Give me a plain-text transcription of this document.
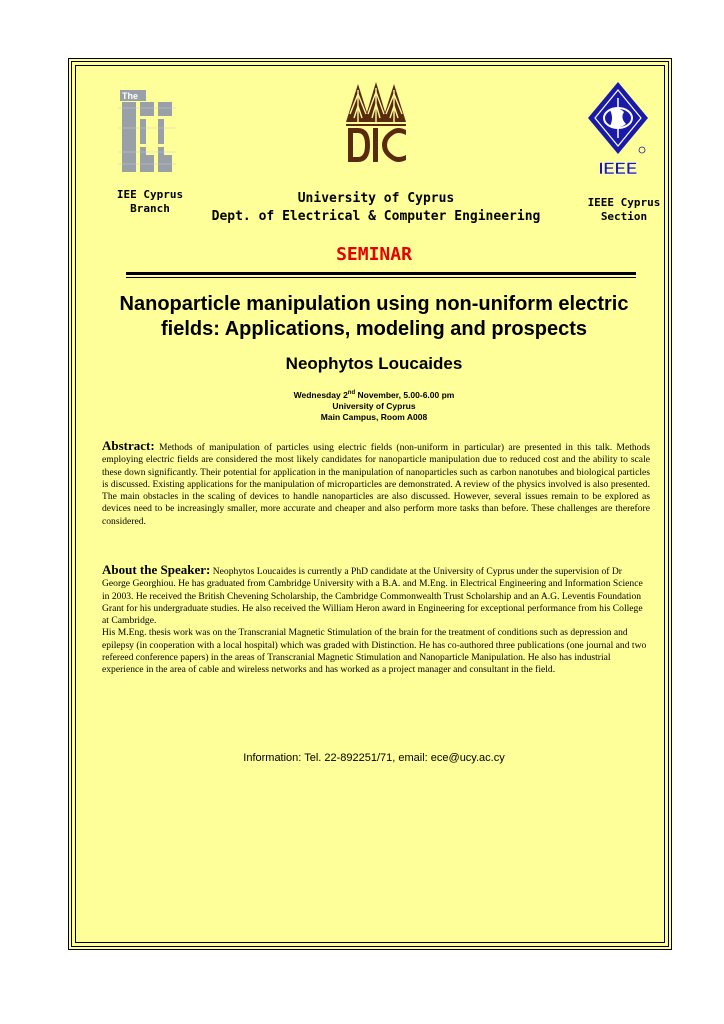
The
IEEE
IEE Cyprus
Branch
University of Cyprus
Dept. of Electrical & Computer Engineering
IEEE Cyprus
Section
SEMINAR
Nanoparticle manipulation using non-uniform electric
fields: Applications, modeling and prospects
Neophytos Loucaides
Wednesday 2nd November, 5.00-6.00 pm
University of Cyprus
Main Campus, Room A008
Abstract: Methods of manipulation of particles using electric fields (non-uniform in particular) are presented in this talk. Methods employing electric fields are considered the most likely candidates for nanoparticle manipulation due to reduced cost and the ability to scale these down significantly. Their potential for application in the manipulation of nanoparticles such as carbon nanotubes and biological particles is discussed. Existing applications for the manipulation of microparticles are demonstrated. A review of the physics involved is also presented. The main obstacles in the scaling of devices to handle nanoparticles are also discussed. However, several issues remain to be explored as devices need to be increasingly smaller, more accurate and cheaper and also perform more tasks than before. These challenges are therefore considered.

About the Speaker: Neophytos Loucaides is currently a PhD candidate at the University of Cyprus under the supervision of Dr George Georghiou. He has graduated from Cambridge University with a B.A. and M.Eng. in Electrical Engineering and Information Science in 2003. He received the British Chevening Scholarship, the Cambridge Commonwealth Trust Scholarship and an A.G. Leventis Foundation Grant for his undergraduate studies. He also received the William Heron award in Engineering for exceptional performance from his College at Cambridge.

His M.Eng. thesis work was on the Transcranial Magnetic Stimulation of the brain for the treatment of conditions such as depression and epilepsy (in cooperation with a local hospital) which was graded with Distinction. He has co-authored three publications (one journal and two refereed conference papers) in the areas of Transcranial Magnetic Stimulation and Nanoparticle Manipulation. He also has industrial experience in the area of cable and wireless networks and has worked as a project manager and consultant in the field.

Information: Tel. 22-892251/71, email: ece@ucy.ac.cy
